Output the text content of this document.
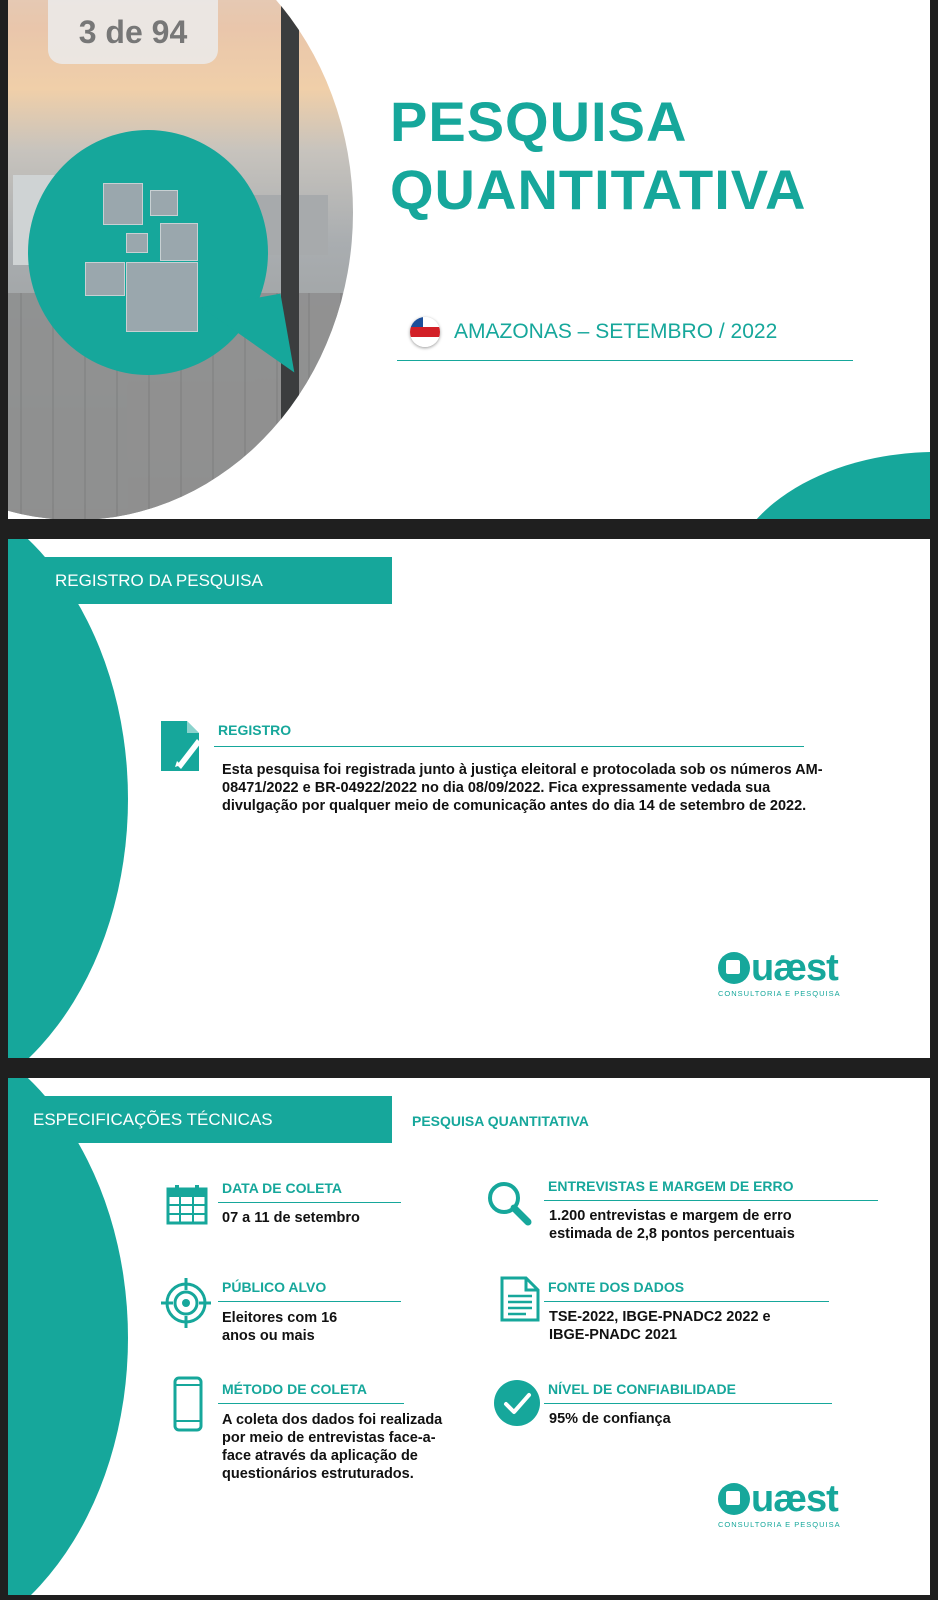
3 de 94
PESQUISA
QUANTITATIVA
AMAZONAS – SETEMBRO / 2022
REGISTRO DA PESQUISA
REGISTRO
Esta pesquisa foi registrada junto à justiça eleitoral e protocolada sob os números AM-08471/2022 e BR-04922/2022 no dia 08/09/2022. Fica expressamente vedada sua divulgação por qualquer meio de comunicação antes do dia 14 de setembro de 2022.
uæst
CONSULTORIA E PESQUISA
ESPECIFICAÇÕES TÉCNICAS	PESQUISA QUANTITATIVA
DATA DE COLETA
07 a 11 de setembro
ENTREVISTAS E MARGEM DE ERRO
1.200 entrevistas e margem de erro estimada de 2,8 pontos percentuais
PÚBLICO ALVO
Eleitores com 16 anos ou mais
FONTE DOS DADOS
TSE-2022, IBGE-PNADC2 2022 e IBGE-PNADC 2021
MÉTODO DE COLETA
A coleta dos dados foi realizada por meio de entrevistas face-a-face através da aplicação de questionários estruturados.
NÍVEL DE CONFIABILIDADE
95% de confiança
uæst
CONSULTORIA E PESQUISA
